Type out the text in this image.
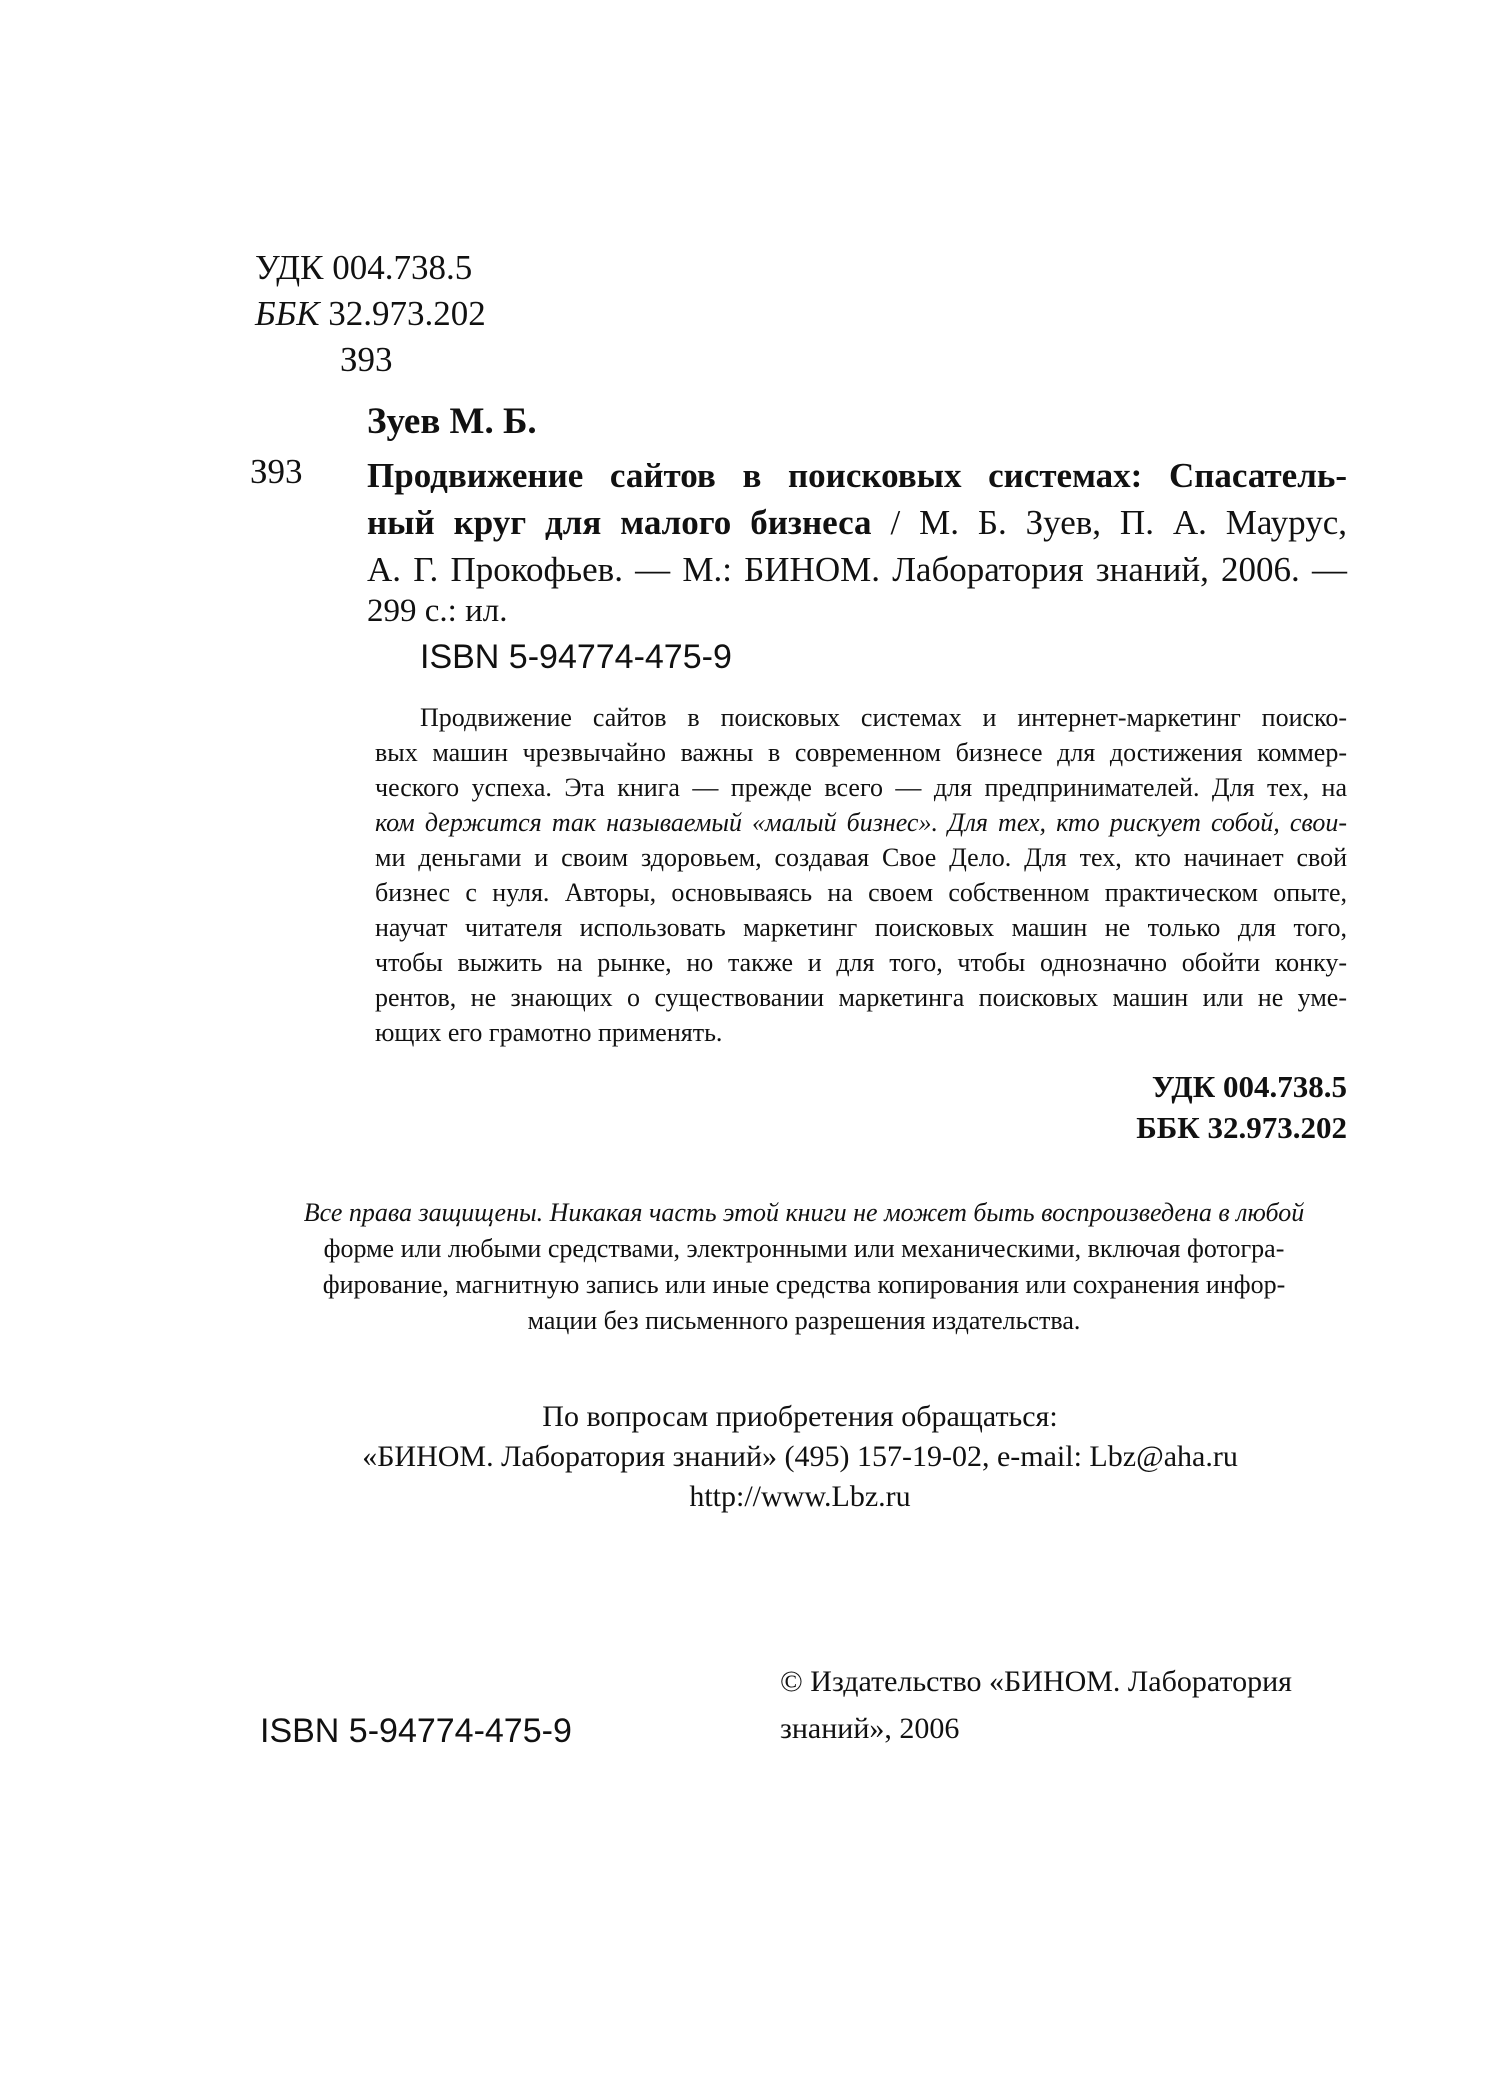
УДК 004.738.5
ББК 32.973.202
З93
Зуев М. Б.
З93 Продвижение сайтов в поисковых системах: Спасатель-
ный круг для малого бизнеса / М. Б. Зуев, П. А. Маурус,
А. Г. Прокофьев. — М.: БИНОМ. Лаборатория знаний, 2006. —
299 с.: ил.
ISBN 5-94774-475-9
Продвижение сайтов в поисковых системах и интернет-маркетинг поиско-
вых машин чрезвычайно важны в современном бизнесе для достижения коммер-
ческого успеха. Эта книга — прежде всего — для предпринимателей. Для тех, на
ком держится так называемый «малый бизнес». Для тех, кто рискует собой, свои-
ми деньгами и своим здоровьем, создавая Свое Дело. Для тех, кто начинает свой
бизнес с нуля. Авторы, основываясь на своем собственном практическом опыте,
научат читателя использовать маркетинг поисковых машин не только для того,
чтобы выжить на рынке, но также и для того, чтобы однозначно обойти конку-
рентов, не знающих о существовании маркетинга поисковых машин или не уме-
ющих его грамотно применять.
УДК 004.738.5
ББК 32.973.202
Все права защищены. Никакая часть этой книги не может быть воспроизведена в любой
форме или любыми средствами, электронными или механическими, включая фотогра-
фирование, магнитную запись или иные средства копирования или сохранения инфор-
мации без письменного разрешения издательства.
По вопросам приобретения обращаться:
«БИНОМ. Лаборатория знаний» (495) 157-19-02, e-mail: Lbz@aha.ru
http://www.Lbz.ru
ISBN 5-94774-475-9
© Издательство «БИНОМ. Лаборатория
знаний», 2006
